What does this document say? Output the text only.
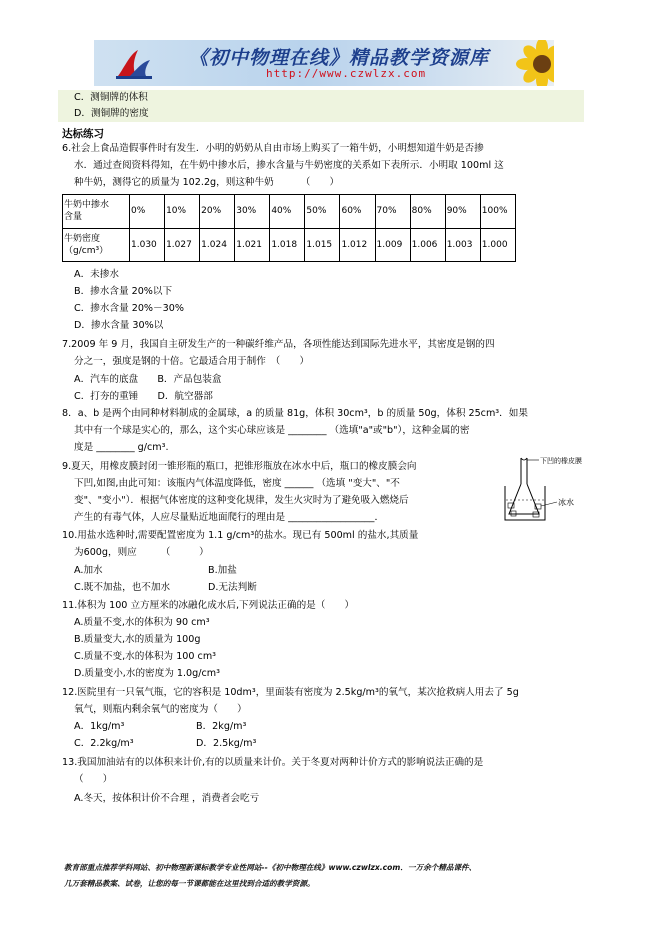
《初中物理在线》精品教学资源库
http://www.czwlzx.com
C．测铜牌的体积
D．测铜牌的密度
达标练习
6.社会上食品造假事件时有发生．小明的奶奶从自由市场上购买了一箱牛奶，小明想知道牛奶是否掺
水．通过查阅资料得知，在牛奶中掺水后，掺水含量与牛奶密度的关系如下表所示．小明取 100ml 这
种牛奶，测得它的质量为 102.2g，则这种牛奶 　　　（　　）
牛奶中掺水
含量	0%	10%	20%	30%	40%	50%	60%	70%	80%	90%	100%
牛奶密度
（g/cm³）	1.030	1.027	1.024	1.021	1.018	1.015	1.012	1.009	1.006	1.003	1.000
A．未掺水
B．掺水含量 20%以下
C．掺水含量 20%－30%
D．掺水含量 30%以
7.2009 年 9 月，我国自主研发生产的一种碳纤维产品，各项性能达到国际先进水平，其密度是钢的四
分之一，强度是钢的十倍。它最适合用于制作　（　　）
A．汽车的底盘　　B．产品包装盒
C．打夯的重锤　　D．航空器部
8．a、b 是两个由同种材料制成的金属球，a 的质量 81g，体积 30cm³，b 的质量 50g，体积 25cm³．如果
其中有一个球是实心的，那么，这个实心球应该是 ________ （选填"a"或"b"），这种金属的密
度是 ________ g/cm³.
9.夏天，用橡皮膜封闭一锥形瓶的瓶口，把锥形瓶放在冰水中后，瓶口的橡皮膜会向
下凹,如图,由此可知：该瓶内气体温度降低，密度 ______ （选填 "变大"、"不
变"、"变小"）．根据气体密度的这种变化规律，发生火灾时为了避免吸入燃烧后
产生的有毒气体，人应尽量贴近地面爬行的理由是 __________________．
下凹的橡皮膜
冰水
10.用盐水选种时,需要配置密度为 1.1 g/cm³的盐水。现已有 500ml 的盐水,其质量
为600g，则应　　　（　　　）
A.加水	B.加盐
C.既不加盐，也不加水	D.无法判断
11.体积为 100 立方厘米的冰融化成水后,下列说法正确的是（　　）
A.质量不变,水的体积为 90 cm³
B.质量变大,水的质量为 100g
C.质量不变,水的体积为 100 cm³
D.质量变小,水的密度为 1.0g/cm³
12.医院里有一只氧气瓶，它的容积是 10dm³，里面装有密度为 2.5kg/m³的氧气，某次抢救病人用去了 5g
氧气，则瓶内剩余氧气的密度为（　　）
A．1kg/m³	B．2kg/m³
C．2.2kg/m³	D．2.5kg/m³
13.我国加油站有的以体积来计价,有的以质量来计价。关于冬夏对两种计价方式的影响说法正确的是
（　　）
A.冬天，按体积计价不合理 ，消费者会吃亏
教育部重点推荐学科网站、初中物理新课标教学专业性网站--《初中物理在线》www.czwlzx.com．一万余个精品课件、
几万套精品教案、试卷，让您的每一节课都能在这里找到合适的教学资源。
